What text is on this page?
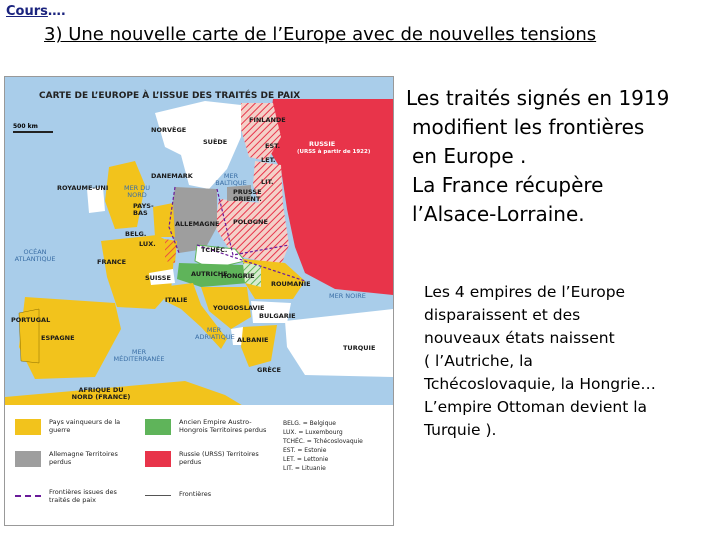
Cours….
3) Une nouvelle carte de l’Europe avec de nouvelles tensions
CARTE DE L’EUROPE À L’ISSUE DES TRAITÉS DE PAIX
500 km
FINLANDE
NORVÈGE
SUÈDE	RUSSIE
(URSS à partir de 1922)
EST.
LET.
LIT.
DANEMARK
ROYAUME-UNI
PAYS-BAS
PRUSSE ORIENT.
ALLEMAGNE POLOGNE
BELG.
LUX.
TCHÉC.
FRANCE
SUISSE	AUTRICHE
HONGRIE
ROUMANIE
ITALIE
YOUGOSLAVIE
BULGARIE
PORTUGAL
ESPAGNE	ALBANIE
GRÈCE
TURQUIE
AFRIQUE DU NORD (FRANCE)
MER DU NORD
MER BALTIQUE
OCÉAN ATLANTIQUE
MER NOIRE
MER ADRIATIQUE
MER MÉDITERRANÉE
Pays vainqueurs de la guerre
Allemagne Territoires perdus
Ancien Empire Austro-Hongrois Territoires perdus
Russie (URSS) Territoires perdus
Frontières issues des traités de paix
Frontières
BELG. = Belgique
LUX. = Luxembourg
TCHÉC. = Tchécoslovaquie
EST. = Estonie
LET. = Lettonie
LIT. = Lituanie
Les traités signés en 1919
modifient les frontières
en Europe .
La France récupère
l’Alsace-Lorraine.
Les 4 empires de l’Europe
disparaissent et des
nouveaux états naissent
( l’Autriche, la
Tchécoslovaquie, la Hongrie…
L’empire Ottoman devient la
Turquie ).
